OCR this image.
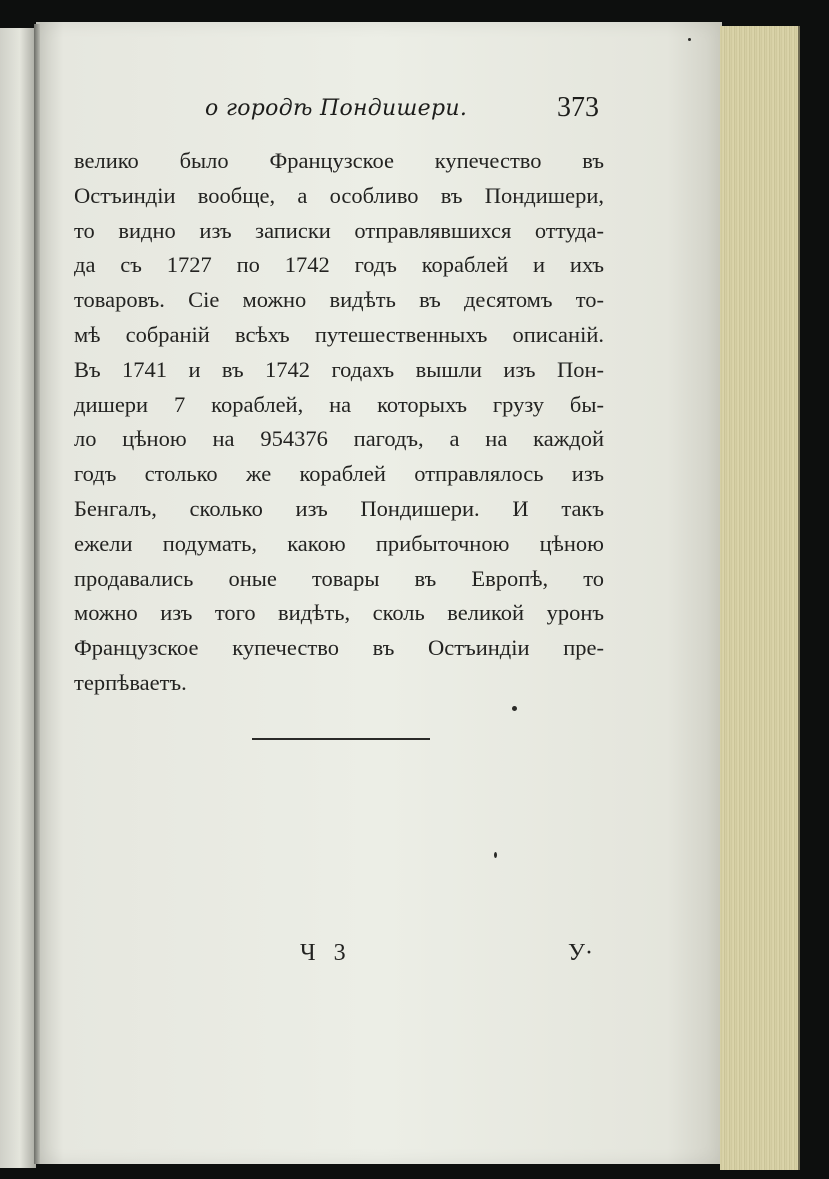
о городѣ Пондишери.	373
велико было Французское купечество въ
Остъиндіи вообще, а особливо въ Пондишери,
то видно изъ записки отправлявшихся оттуда-
да съ 1727 по 1742 годъ кораблей и ихъ
товаровъ. Сіе можно видѣть въ десятомъ то-
мѣ собраній всѣхъ путешественныхъ описаній.
Въ 1741 и въ 1742 годахъ вышли изъ Пон-
дишери 7 кораблей, на которыхъ грузу бы-
ло цѣною на 954376 пагодъ, а на каждой
годъ столько же кораблей отправлялось изъ
Бенгалъ, сколько изъ Пондишери. И такъ
ежели подумать, какою прибыточною цѣною
продавались оные товары въ Европѣ, то
можно изъ того видѣть, сколь великой уронъ
Французское купечество въ Остъиндіи пре-
терпѣваетъ.
Ч 3	У·
